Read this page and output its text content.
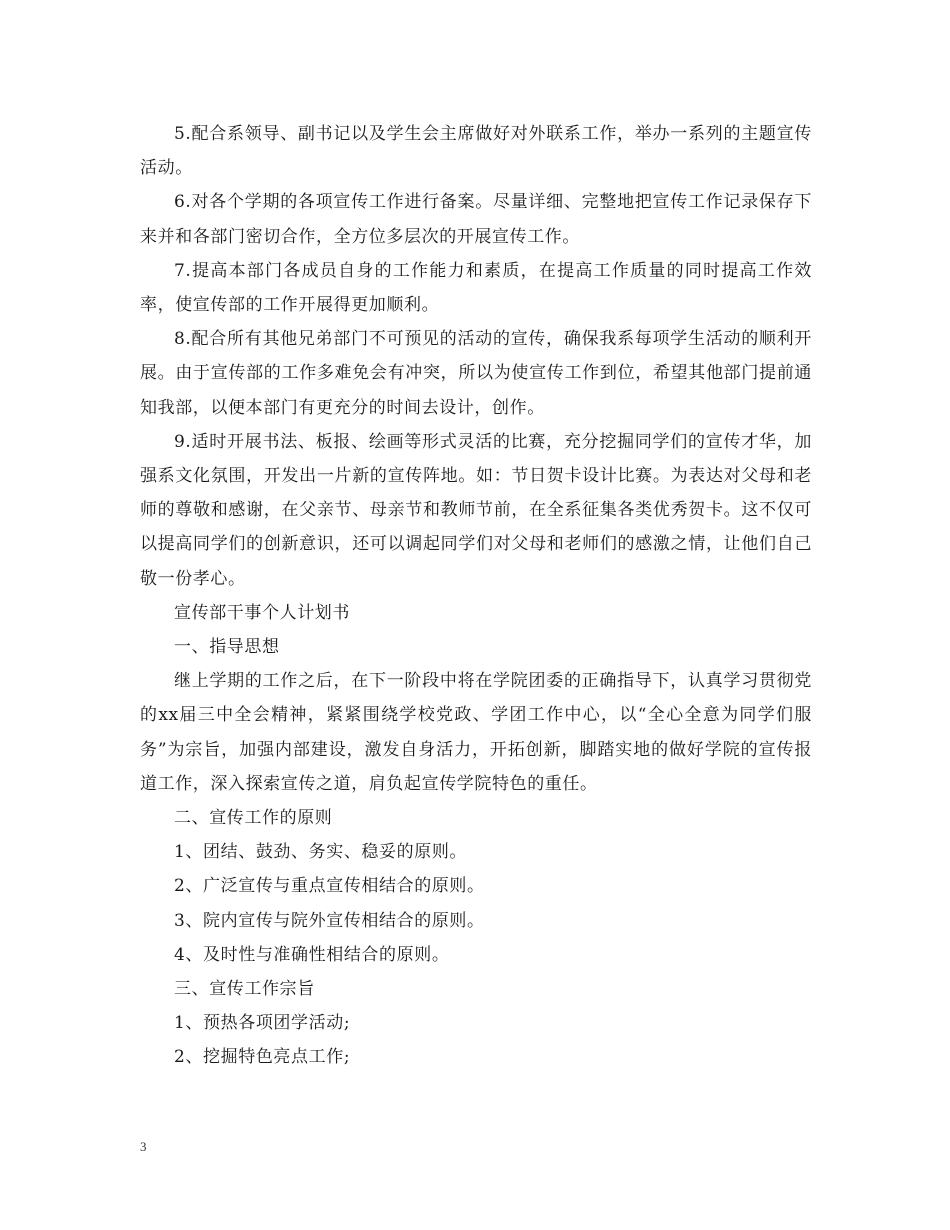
5.配合系领导、副书记以及学生会主席做好对外联系工作，举办一系列的主题宣传活动。

6.对各个学期的各项宣传工作进行备案。尽量详细、完整地把宣传工作记录保存下来并和各部门密切合作，全方位多层次的开展宣传工作。

7.提高本部门各成员自身的工作能力和素质，在提高工作质量的同时提高工作效率，使宣传部的工作开展得更加顺利。

8.配合所有其他兄弟部门不可预见的活动的宣传，确保我系每项学生活动的顺利开展。由于宣传部的工作多难免会有冲突，所以为使宣传工作到位，希望其他部门提前通知我部，以便本部门有更充分的时间去设计，创作。

9.适时开展书法、板报、绘画等形式灵活的比赛，充分挖掘同学们的宣传才华，加强系文化氛围，开发出一片新的宣传阵地。如：节日贺卡设计比赛。为表达对父母和老师的尊敬和感谢，在父亲节、母亲节和教师节前，在全系征集各类优秀贺卡。这不仅可以提高同学们的创新意识，还可以调起同学们对父母和老师们的感激之情，让他们自己敬一份孝心。

宣传部干事个人计划书

一、指导思想

继上学期的工作之后，在下一阶段中将在学院团委的正确指导下，认真学习贯彻党的xx届三中全会精神，紧紧围绕学校党政、学团工作中心，以“全心全意为同学们服务”为宗旨，加强内部建设，激发自身活力，开拓创新，脚踏实地的做好学院的宣传报道工作，深入探索宣传之道，肩负起宣传学院特色的重任。

二、宣传工作的原则

1、团结、鼓劲、务实、稳妥的原则。

2、广泛宣传与重点宣传相结合的原则。

3、院内宣传与院外宣传相结合的原则。

4、及时性与准确性相结合的原则。

三、宣传工作宗旨

1、预热各项团学活动;

2、挖掘特色亮点工作;

3
